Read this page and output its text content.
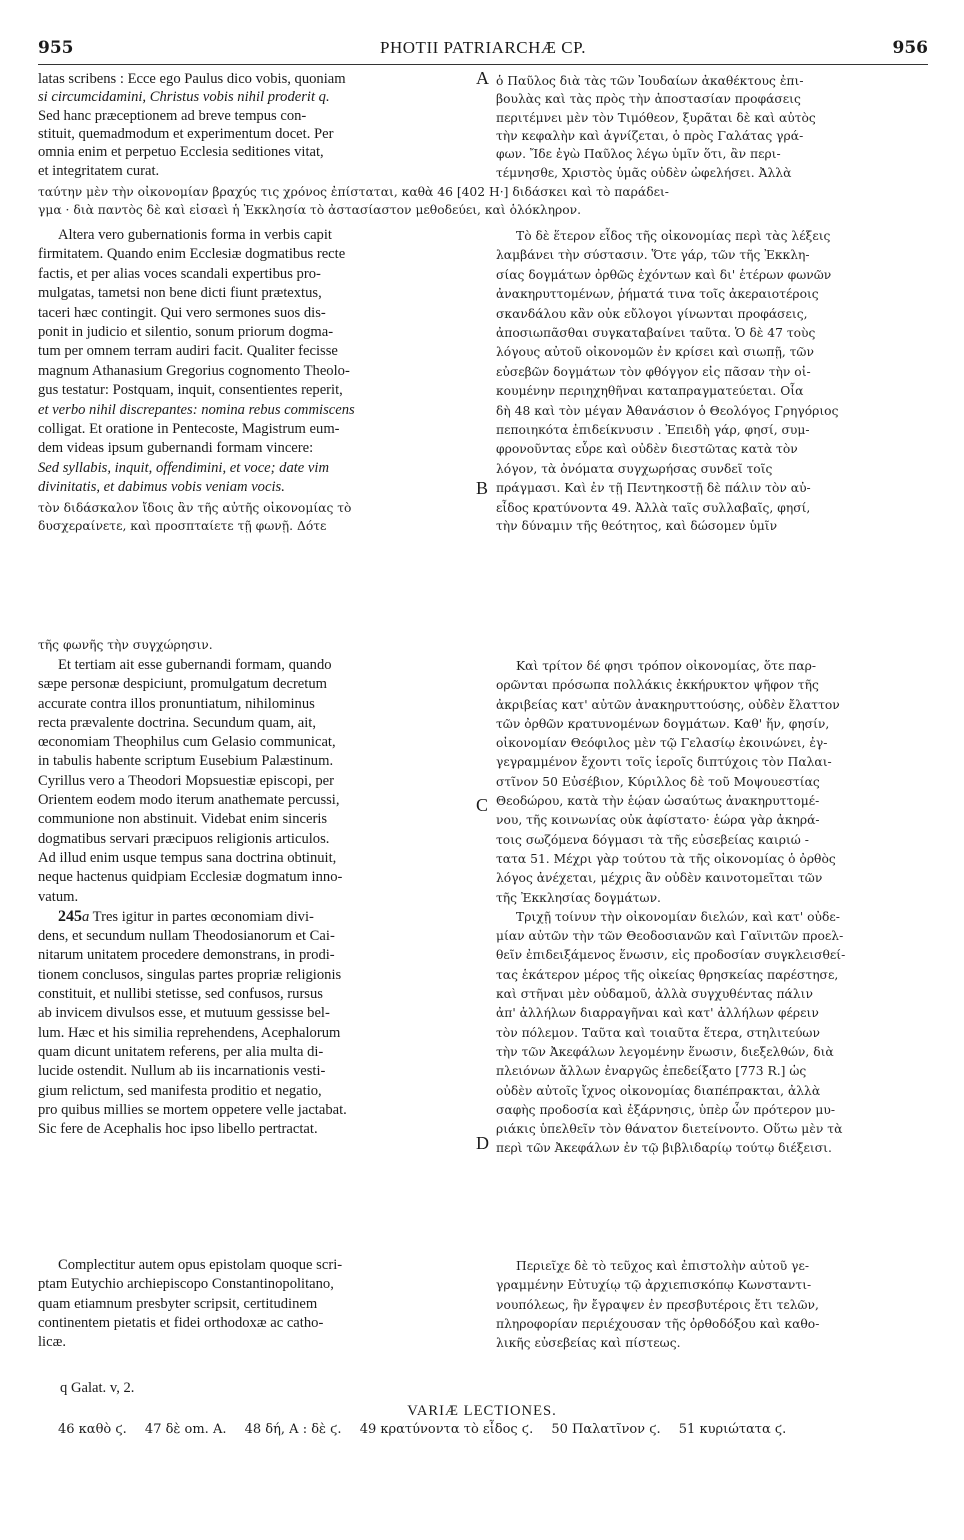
955	PHOTII PATRIARCHÆ CP.	956
latas scribens : Ecce ego Paulus dico vobis, quoniam
si circumcidamini, Christus vobis nihil proderit q.
Sed hanc præceptionem ad breve tempus con-
stituit, quemadmodum et experimentum docet. Per
omnia enim et perpetuo Ecclesia seditiones vitat,
et integritatem curat.
A ὁ Παῦλος διὰ τὰς τῶν Ἰουδαίων ἀκαθέκτους ἐπι-
βουλὰς καὶ τὰς πρὸς τὴν ἀποστασίαν προφάσεις
περιτέμνει μὲν τὸν Τιμόθεον, ξυρᾶται δὲ καὶ αὐτὸς
τὴν κεφαλὴν καὶ ἁγνίζεται, ὁ πρὸς Γαλάτας γρά-
φων. Ἴδε ἐγὼ Παῦλος λέγω ὑμῖν ὅτι, ἂν περι-
τέμνησθε, Χριστὸς ὑμᾶς οὐδὲν ὠφελήσει. Ἀλλὰ
ταύτην μὲν τὴν οἰκονομίαν βραχύς τις χρόνος ἐπίσταται, καθὰ 46 [402 H·] διδάσκει καὶ τὸ παράδει-
γμα · διὰ παντὸς δὲ καὶ εἰσαεὶ ἡ Ἐκκλησία τὸ ἀστασίαστον μεθοδεύει, καὶ ὁλόκληρον.
Altera vero gubernationis forma in verbis capit
firmitatem. Quando enim Ecclesiæ dogmatibus recte
factis, et per alias voces scandali expertibus pro-
mulgatas, tametsi non bene dicti fiunt prætextus,
taceri hæc contingit. Qui vero sermones suos dis-
ponit in judicio et silentio, sonum priorum dogma-
tum per omnem terram audiri facit. Qualiter fecisse
magnum Athanasium Gregorius cognomento Theolo-
gus testatur: Postquam, inquit, consentientes reperit,
et verbo nihil discrepantes: nomina rebus commiscens
colligat. Et oratione in Pentecoste, Magistrum eum-
dem videas ipsum gubernandi formam vincere:
Sed syllabis, inquit, offendimini, et voce; date vim
divinitatis, et dabimus vobis veniam vocis.	B
Τὸ δὲ ἕτερον εἶδος τῆς οἰκονομίας περὶ τὰς λέξεις
λαμβάνει τὴν σύστασιν. Ὅτε γάρ, τῶν τῆς Ἐκκλη-
σίας δογμάτων ὀρθῶς ἐχόντων καὶ δι' ἑτέρων φωνῶν
ἀνακηρυττομένων, ῥήματά τινα τοῖς ἀκεραιοτέροις
σκανδάλου κἂν οὐκ εὔλογοι γίνωνται προφάσεις,
ἀποσιωπᾶσθαι συγκαταβαίνει ταῦτα. Ὁ δὲ 47 τοὺς
λόγους αὐτοῦ οἰκονομῶν ἐν κρίσει καὶ σιωπῇ, τῶν
εὐσεβῶν δογμάτων τὸν φθόγγον εἰς πᾶσαν τὴν οἰ-
κουμένην περιηχηθῆναι καταπραγματεύεται. Οἷα
δὴ 48 καὶ τὸν μέγαν Ἀθανάσιον ὁ Θεολόγος Γρηγόριος
πεποιηκότα ἐπιδείκνυσιν . Ἐπειδὴ γάρ, φησί, συμ-
φρονοῦντας εὗρε καὶ οὐδὲν διεστῶτας κατὰ τὸν
λόγον, τὰ ὀνόματα συγχωρήσας συνδεῖ τοῖς
πράγμασι. Καὶ ἐν τῇ Πεντηκοστῇ δὲ πάλιν τὸν αὐ-
τὸν διδάσκαλον ἴδοις ἂν τῆς αὐτῆς οἰκονομίας τὸ
δυσχεραίνετε, καὶ προσπταίετε τῇ φωνῇ. Δότε
εἶδος κρατύνοντα 49. Ἀλλὰ ταῖς συλλαβαῖς, φησί,
τὴν δύναμιν τῆς θεότητος, καὶ δώσομεν ὑμῖν
τῆς φωνῆς τὴν συγχώρησιν.
Et tertiam ait esse gubernandi formam, quando
sæpe personæ despiciunt, promulgatum decretum
accurate contra illos pronuntiatum, nihilominus
recta prævalente doctrina. Secundum quam, ait,
œconomiam Theophilus cum Gelasio communicat,
in tabulis habente scriptum Eusebium Palæstinum.
Cyrillus vero a Theodori Mopsuestiæ episcopi, per
Orientem eodem modo iterum anathemate percussi,
communione non abstinuit. Videbat enim sinceris
dogmatibus servari præcipuos religionis articulos.
Ad illud enim usque tempus sana doctrina obtinuit,
neque hactenus quidpiam Ecclesiæ dogmatum inno-
vatum.
245a Tres igitur in partes œconomiam divi-
dens, et secundum nullam Theodosianorum et Cai-
nitarum unitatem procedere demonstrans, in prodi-
tionem conclusos, singulas partes propriæ religionis
constituit, et nullibi stetisse, sed confusos, rursus
ab invicem divulsos esse, et mutuum gessisse bel-
lum. Hæc et his similia reprehendens, Acephalorum
quam dicunt unitatem referens, per alia multa di-
lucide ostendit. Nullum ab iis incarnationis vesti-
gium relictum, sed manifesta proditio et negatio,
pro quibus millies se mortem oppetere velle jactabat.
Sic fere de Acephalis hoc ipso libello pertractat.
C
D
Καὶ τρίτον δέ φησι τρόπον οἰκονομίας, ὅτε παρ-
ορῶνται πρόσωπα πολλάκις ἐκκήρυκτον ψῆφον τῆς
ἀκριβείας κατ' αὐτῶν ἀνακηρυττούσης, οὐδὲν ἔλαττον
τῶν ὀρθῶν κρατυνομένων δογμάτων. Καθ' ἥν, φησίν,
οἰκονομίαν Θεόφιλος μὲν τῷ Γελασίῳ ἐκοινώνει, ἐγ-
γεγραμμένον ἔχοντι τοῖς ἱεροῖς διπτύχοις τὸν Παλαι-
στῖνον 50 Εὐσέβιον, Κύριλλος δὲ τοῦ Μοψουεστίας
Θεοδώρου, κατὰ τὴν ἑῴαν ὡσαύτως ἀνακηρυττομέ-
νου, τῆς κοινωνίας οὐκ ἀφίστατο· ἑώρα γὰρ ἀκηρά-
τοις σωζόμενα δόγμασι τὰ τῆς εὐσεβείας καιριώ -
τατα 51. Μέχρι γὰρ τούτου τὰ τῆς οἰκονομίας ὁ ὀρθὸς
λόγος ἀνέχεται, μέχρις ἂν οὐδὲν καινοτομεῖται τῶν
τῆς Ἐκκλησίας δογμάτων.
Τριχῇ τοίνυν τὴν οἰκονομίαν διελών, καὶ κατ' οὐδε-
μίαν αὐτῶν τὴν τῶν Θεοδοσιανῶν καὶ Γαϊνιτῶν προελ-
θεῖν ἐπιδειξάμενος ἕνωσιν, εἰς προδοσίαν συγκλεισθεί-
τας ἑκάτερον μέρος τῆς οἰκείας θρησκείας παρέστησε,
καὶ στῆναι μὲν οὐδαμοῦ, ἀλλὰ συγχυθέντας πάλιν
ἀπ' ἀλλήλων διαρραγῆναι καὶ κατ' ἀλλήλων φέρειν
τὸν πόλεμον. Ταῦτα καὶ τοιαῦτα ἕτερα, στηλιτεύων
τὴν τῶν Ἀκεφάλων λεγομένην ἕνωσιν, διεξελθών, διὰ
πλειόνων ἄλλων ἐναργῶς ἐπεδείξατο [773 R.] ὡς
οὐδὲν αὐτοῖς ἴχνος οἰκονομίας διαπέπρακται, ἀλλὰ
σαφὴς προδοσία καὶ ἐξάρνησις, ὑπὲρ ὧν πρότερον μυ-
ριάκις ὑπελθεῖν τὸν θάνατον διετείνοντο. Οὕτω μὲν τὰ
περὶ τῶν Ἀκεφάλων ἐν τῷ βιβλιδαρίῳ τούτῳ διέξεισι.
Complectitur autem opus epistolam quoque scri-
ptam Eutychio archiepiscopo Constantinopolitano,
quam etiamnum presbyter scripsit, certitudinem
continentem pietatis et fidei orthodoxæ ac catho-
licæ.
Περιεῖχε δὲ τὸ τεῦχος καὶ ἐπιστολὴν αὐτοῦ γε-
γραμμένην Εὐτυχίῳ τῷ ἀρχιεπισκόπῳ Κωνσταντι-
νουπόλεως, ἣν ἔγραψεν ἐν πρεσβυτέροις ἔτι τελῶν,
πληροφορίαν περιέχουσαν τῆς ὀρθοδόξου καὶ καθο-
λικῆς εὐσεβείας καὶ πίστεως.
q Galat. v, 2.
VARIÆ LECTIONES.
46 καθὸ ϛ. 47 δὲ om. A. 48 δή, A : δὲ ϛ. 49 κρατύνοντα τὸ εἶδος ϛ. 50 Παλατῖνον ϛ. 51 κυριώτατα ϛ.
